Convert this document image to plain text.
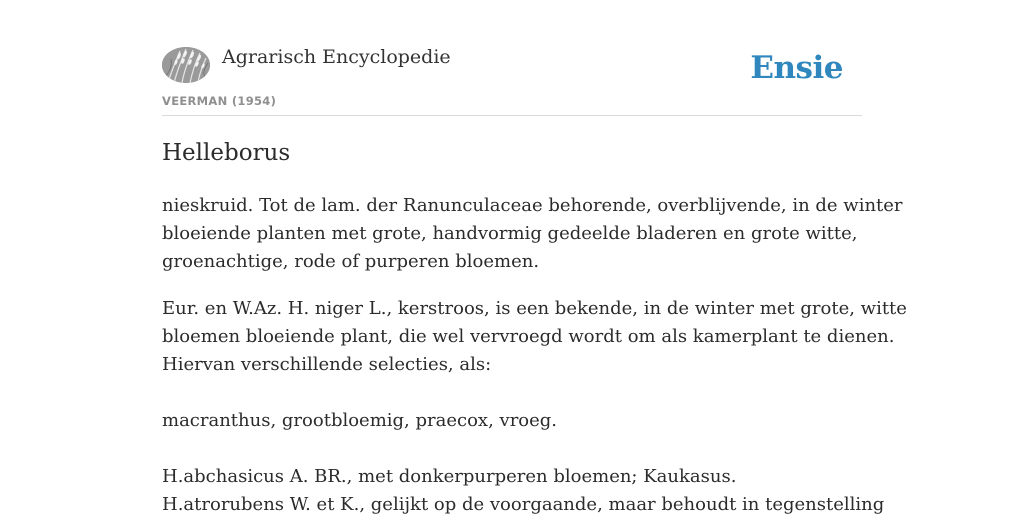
Agrarisch Encyclopedie
VEERMAN (1954)
Ensie
Helleborus

nieskruid. Tot de lam. der Ranunculaceae behorende, overblijvende, in de winter
bloeiende planten met grote, handvormig gedeelde bladeren en grote witte,
groenachtige, rode of purperen bloemen.

Eur. en W.Az. H. niger L., kerstroos, is een bekende, in de winter met grote, witte
bloemen bloeiende plant, die wel vervroegd wordt om als kamerplant te dienen.
Hiervan verschillende selecties, als:

macranthus, grootbloemig, praecox, vroeg.

H.abchasicus A. BR., met donkerpurperen bloemen; Kaukasus.
H.atrorubens W. et K., gelijkt op de voorgaande, maar behoudt in tegenstelling
